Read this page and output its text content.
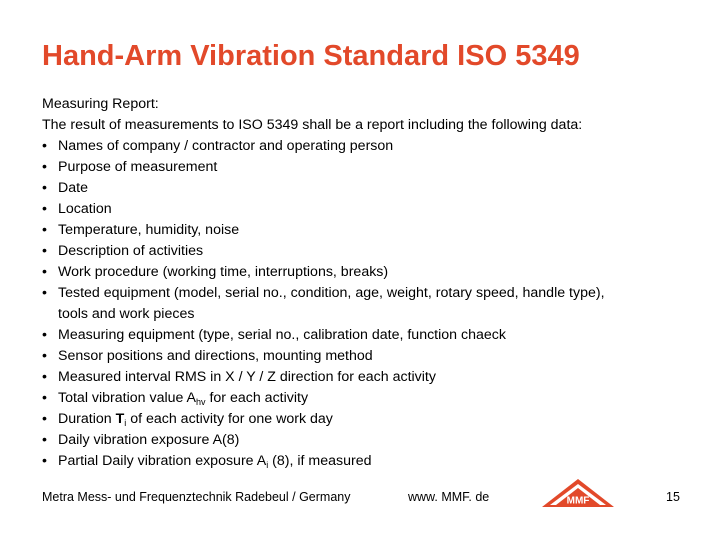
Hand-Arm Vibration Standard ISO 5349
Measuring Report:
The result of measurements to ISO 5349 shall be a report including the following data:
• Names of company / contractor and operating person
• Purpose of measurement
• Date
• Location
• Temperature, humidity, noise
• Description of activities
• Work procedure (working time, interruptions, breaks)
• Tested equipment (model, serial no., condition, age, weight, rotary speed, handle type),
tools and work pieces
• Measuring equipment (type, serial no., calibration date, function chaeck
• Sensor positions and directions, mounting method
• Measured interval RMS in X / Y / Z direction for each activity
• Total vibration value $A_{hv}$ for each activity
• Duration $T_i$ of each activity for one work day
• Daily vibration exposure A(8)
• Partial Daily vibration exposure $A_i$ (8), if measured
Metra Mess- und Frequenztechnik Radebeul / Germany	www. MMF. de	MMF	15
